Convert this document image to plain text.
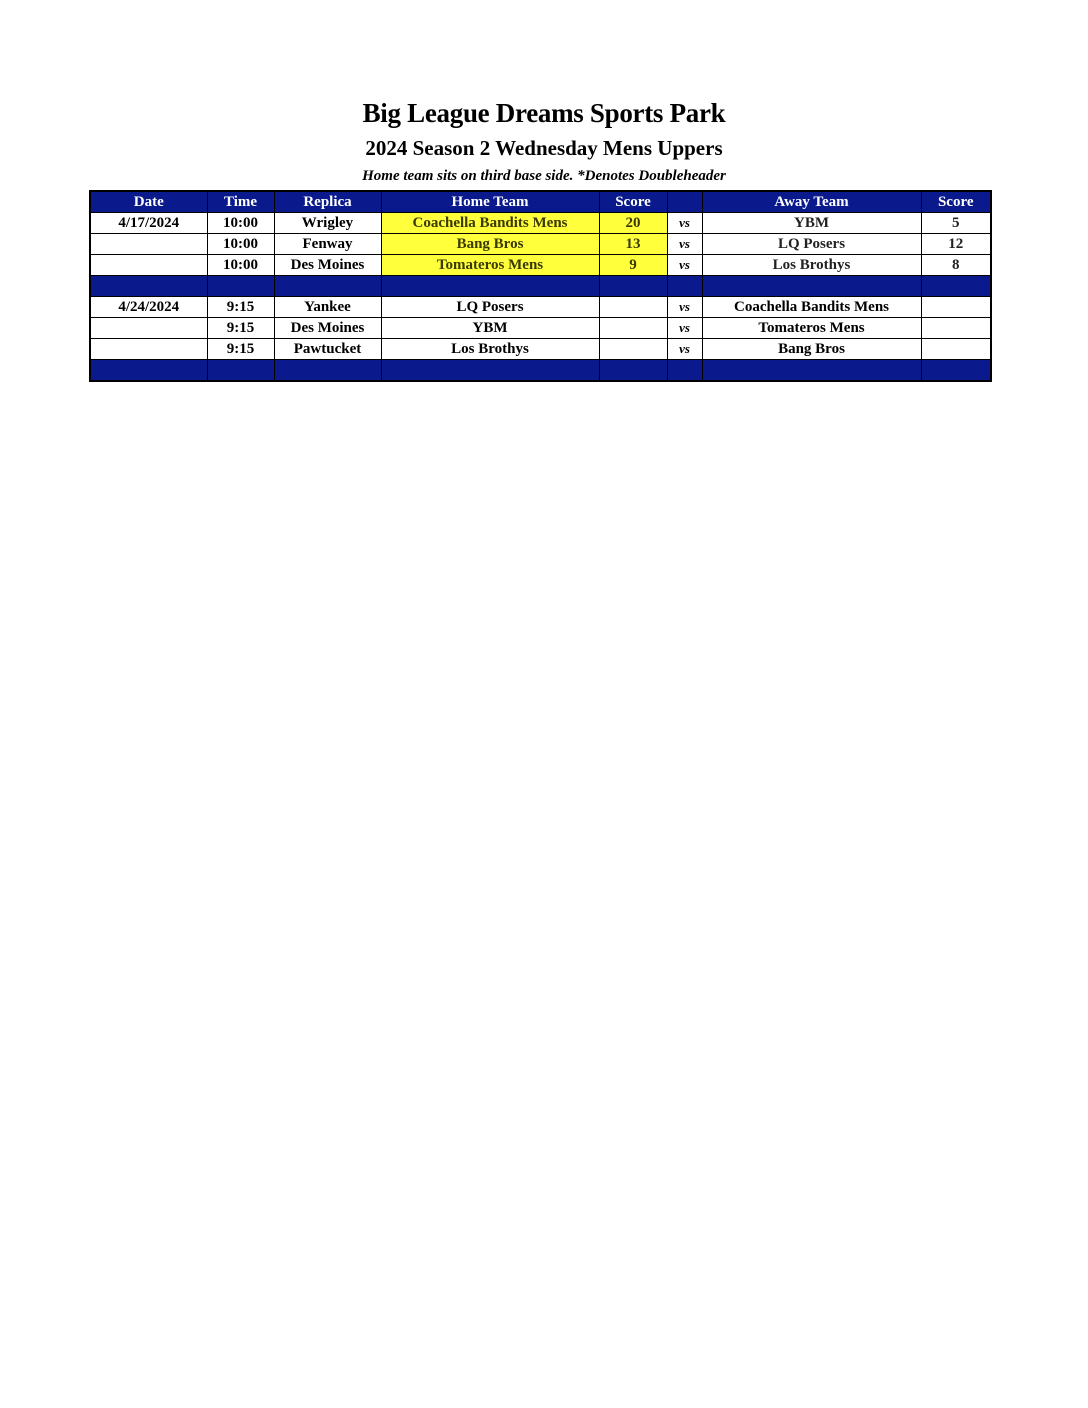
Big League Dreams Sports Park
2024 Season 2 Wednesday Mens Uppers
Home team sits on third base side. *Denotes Doubleheader
Date	Time	Replica	Home Team	Score		Away Team	Score
4/17/2024	10:00	Wrigley	Coachella Bandits Mens	20	vs	YBM	5
	10:00	Fenway	Bang Bros	13	vs	LQ Posers	12
	10:00	Des Moines	Tomateros Mens	9	vs	Los Brothys	8

4/24/2024	9:15	Yankee	LQ Posers		vs	Coachella Bandits Mens	
	9:15	Des Moines	YBM		vs	Tomateros Mens	
	9:15	Pawtucket	Los Brothys		vs	Bang Bros	
